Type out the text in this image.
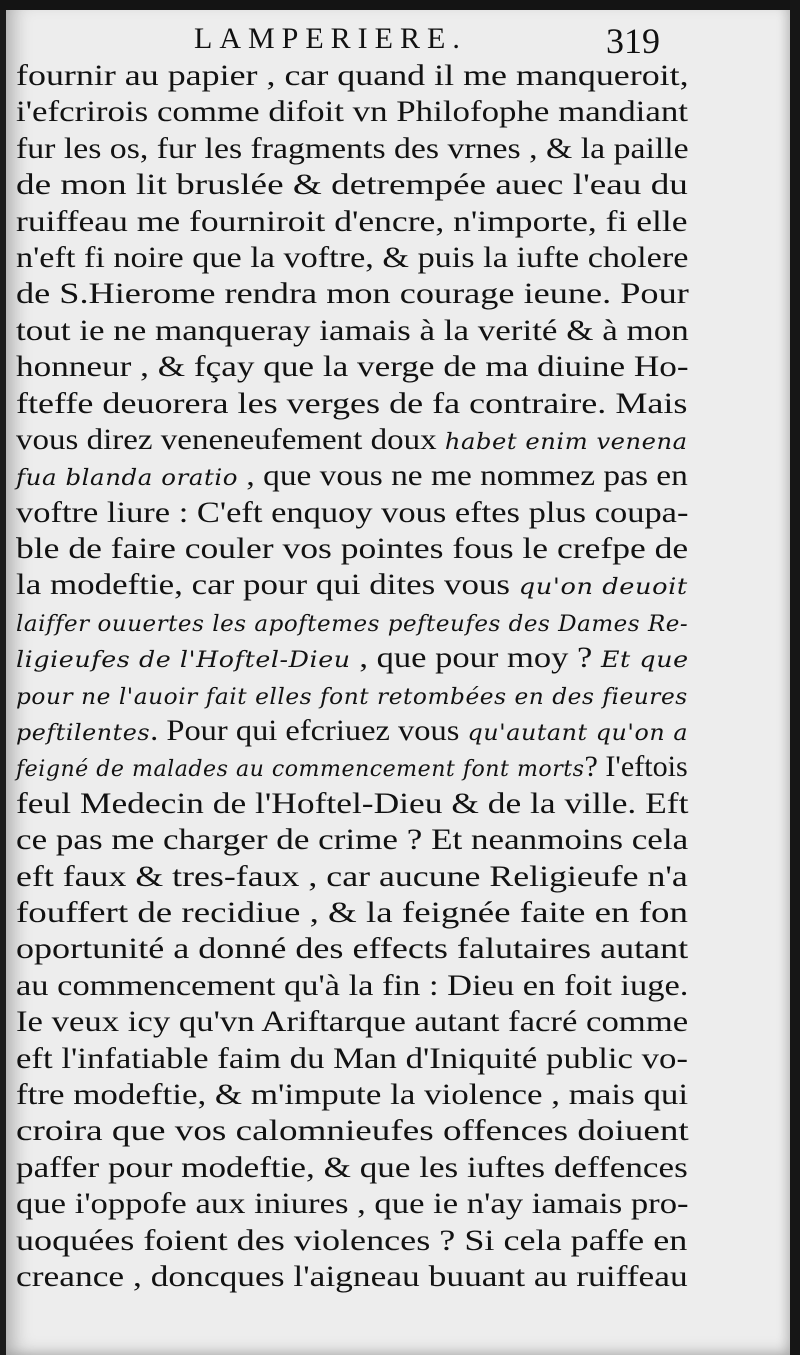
LAMPERIERE.	319
fournir au papier , car quand il me manqueroit,
i'efcrirois comme difoit vn Philofophe mandiant
fur les os, fur les fragments des vrnes , & la paille
de mon lit bruslée & detrempée auec l'eau du
ruiffeau me fourniroit d'encre, n'importe, fi elle
n'eft fi noire que la voftre, & puis la iufte cholere
de S.Hierome rendra mon courage ieune. Pour
tout ie ne manqueray iamais à la verité & à mon
honneur , & fçay que la verge de ma diuine Ho-
fteffe deuorera les verges de fa contraire. Mais
vous direz veneneufement doux habet enim venena
fua blanda oratio , que vous ne me nommez pas en
voftre liure : C'eft enquoy vous eftes plus coupa-
ble de faire couler vos pointes fous le crefpe de
la modeftie, car pour qui dites vous qu'on deuoit
laiffer ouuertes les apoftemes pefteufes des Dames Re-
ligieufes de l'Hoftel-Dieu , que pour moy ? Et que
pour ne l'auoir fait elles font retombées en des fieures
peftilentes. Pour qui efcriuez vous qu'autant qu'on a
feigné de malades au commencement font morts? I'eftois
feul Medecin de l'Hoftel-Dieu & de la ville. Eft
ce pas me charger de crime ? Et neanmoins cela
eft faux & tres-faux , car aucune Religieufe n'a
fouffert de recidiue , & la feignée faite en fon
oportunité a donné des effects falutaires autant
au commencement qu'à la fin : Dieu en foit iuge.
Ie veux icy qu'vn Ariftarque autant facré comme
eft l'infatiable faim du Man d'Iniquité public vo-
ftre modeftie, & m'impute la violence , mais qui
croira que vos calomnieufes offences doiuent
paffer pour modeftie, & que les iuftes deffences
que i'oppofe aux iniures , que ie n'ay iamais pro-
uoquées foient des violences ? Si cela paffe en
creance , doncques l'aigneau buuant au ruiffeau
